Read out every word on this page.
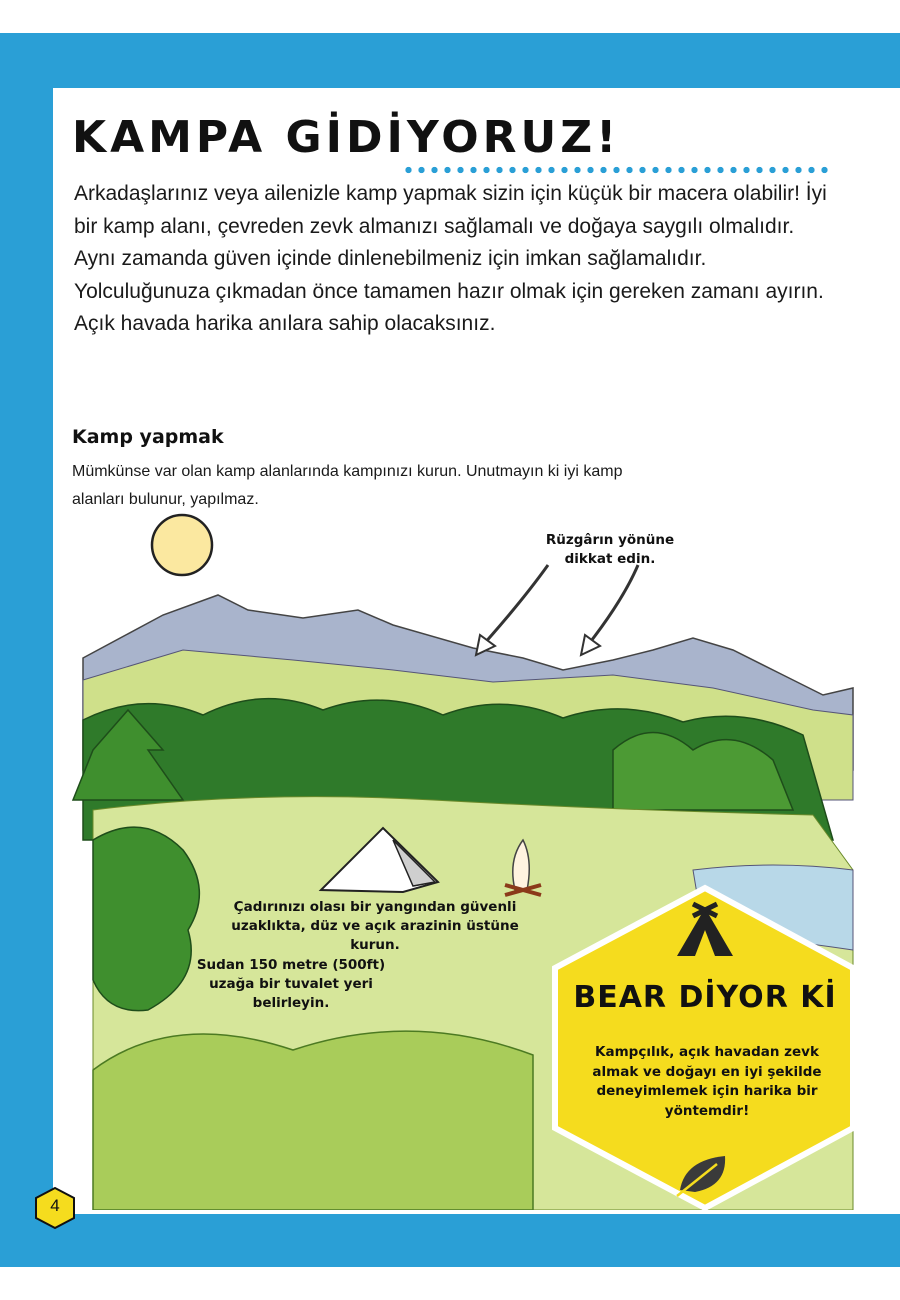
KAMPA GİDİYORUZ!

Arkadaşlarınız veya ailenizle kamp yapmak sizin için küçük bir macera olabilir! İyi bir kamp alanı, çevreden zevk almanızı sağlamalı ve doğaya saygılı olmalıdır. Aynı zamanda güven içinde dinlenebilmeniz için imkan sağlamalıdır. Yolculuğunuza çıkmadan önce tamamen hazır olmak için gereken zamanı ayırın. Açık havada harika anılara sahip olacaksınız.

Kamp yapmak

Mümkünse var olan kamp alanlarında kampınızı kurun. Unutmayın ki iyi kamp alanları bulunur, yapılmaz.

Rüzgârın yönüne dikkat edin.

Çadırınızı olası bir yangından güvenli uzaklıkta, düz ve açık arazinin üstüne kurun.

Sudan 150 metre (500ft) uzağa bir tuvalet yeri belirleyin.	BEAR DİYOR Kİ

Kampçılık, açık havadan zevk almak ve doğayı en iyi şekilde deneyimlemek için harika bir yöntemdir!

4
